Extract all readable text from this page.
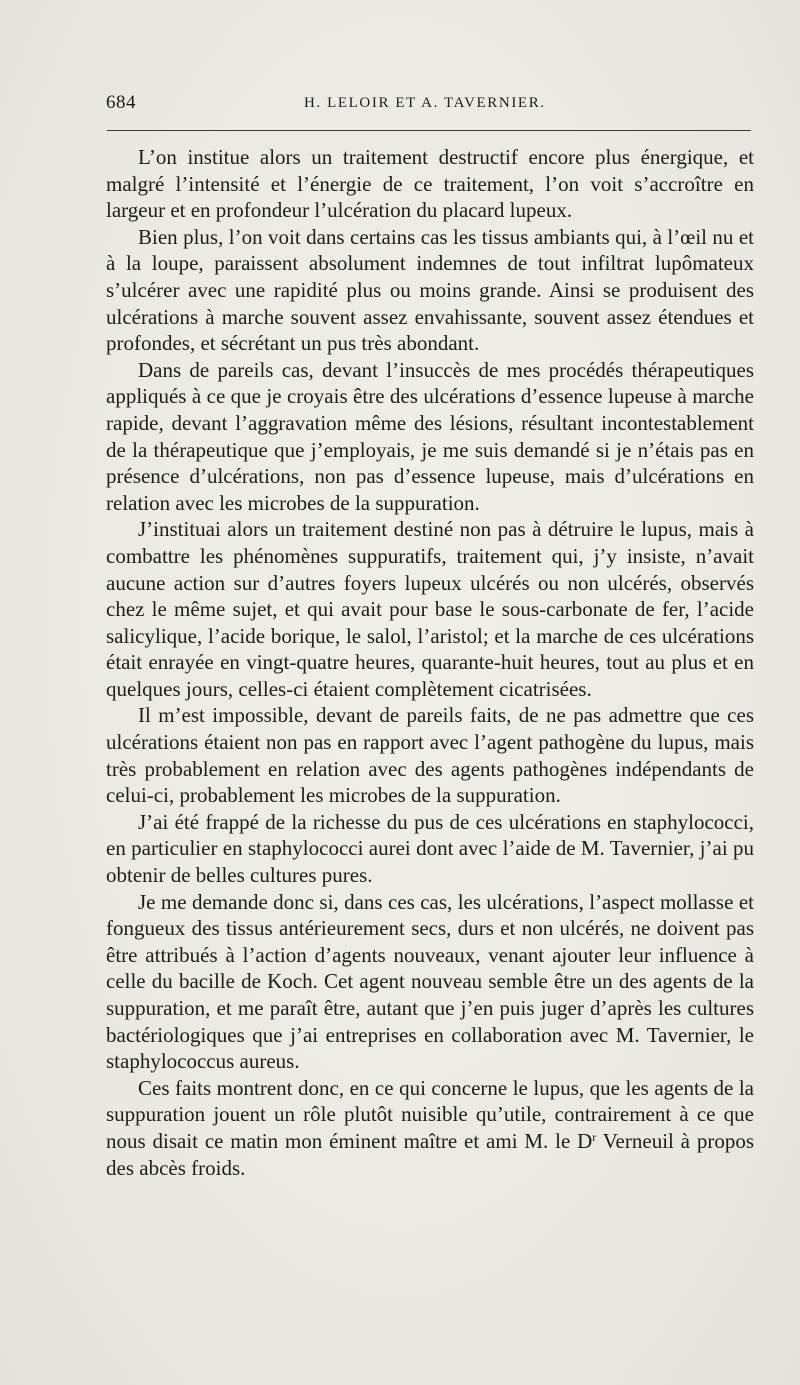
684	H. LELOIR ET A. TAVERNIER.

L’on institue alors un traitement destructif encore plus énergique, et malgré l’intensité et l’énergie de ce traitement, l’on voit s’accroître en largeur et en profondeur l’ulcération du placard lupeux.

Bien plus, l’on voit dans certains cas les tissus ambiants qui, à l’œil nu et à la loupe, paraissent absolument indemnes de tout infiltrat lupômateux s’ulcérer avec une rapidité plus ou moins grande. Ainsi se produisent des ulcérations à marche souvent assez envahissante, souvent assez étendues et profondes, et sécrétant un pus très abondant.

Dans de pareils cas, devant l’insuccès de mes procédés thérapeutiques appliqués à ce que je croyais être des ulcérations d’essence lupeuse à marche rapide, devant l’aggravation même des lésions, résultant incontestablement de la thérapeutique que j’employais, je me suis demandé si je n’étais pas en présence d’ulcérations, non pas d’essence lupeuse, mais d’ulcérations en relation avec les microbes de la suppuration.

J’instituai alors un traitement destiné non pas à détruire le lupus, mais à combattre les phénomènes suppuratifs, traitement qui, j’y insiste, n’avait aucune action sur d’autres foyers lupeux ulcérés ou non ulcérés, observés chez le même sujet, et qui avait pour base le sous-carbonate de fer, l’acide salicylique, l’acide borique, le salol, l’aristol; et la marche de ces ulcérations était enrayée en vingt-quatre heures, quarante-huit heures, tout au plus et en quelques jours, celles-ci étaient complètement cicatrisées.

Il m’est impossible, devant de pareils faits, de ne pas admettre que ces ulcérations étaient non pas en rapport avec l’agent pathogène du lupus, mais très probablement en relation avec des agents pathogènes indépendants de celui-ci, probablement les microbes de la suppuration.

J’ai été frappé de la richesse du pus de ces ulcérations en staphylococci, en particulier en staphylococci aurei dont avec l’aide de M. Tavernier, j’ai pu obtenir de belles cultures pures.

Je me demande donc si, dans ces cas, les ulcérations, l’aspect mollasse et fongueux des tissus antérieurement secs, durs et non ulcérés, ne doivent pas être attribués à l’action d’agents nouveaux, venant ajouter leur influence à celle du bacille de Koch. Cet agent nouveau semble être un des agents de la suppuration, et me paraît être, autant que j’en puis juger d’après les cultures bactériologiques que j’ai entreprises en collaboration avec M. Tavernier, le staphylococcus aureus.

Ces faits montrent donc, en ce qui concerne le lupus, que les agents de la suppuration jouent un rôle plutôt nuisible qu’utile, contrairement à ce que nous disait ce matin mon éminent maître et ami M. le $D^r$ Verneuil à propos des abcès froids.
